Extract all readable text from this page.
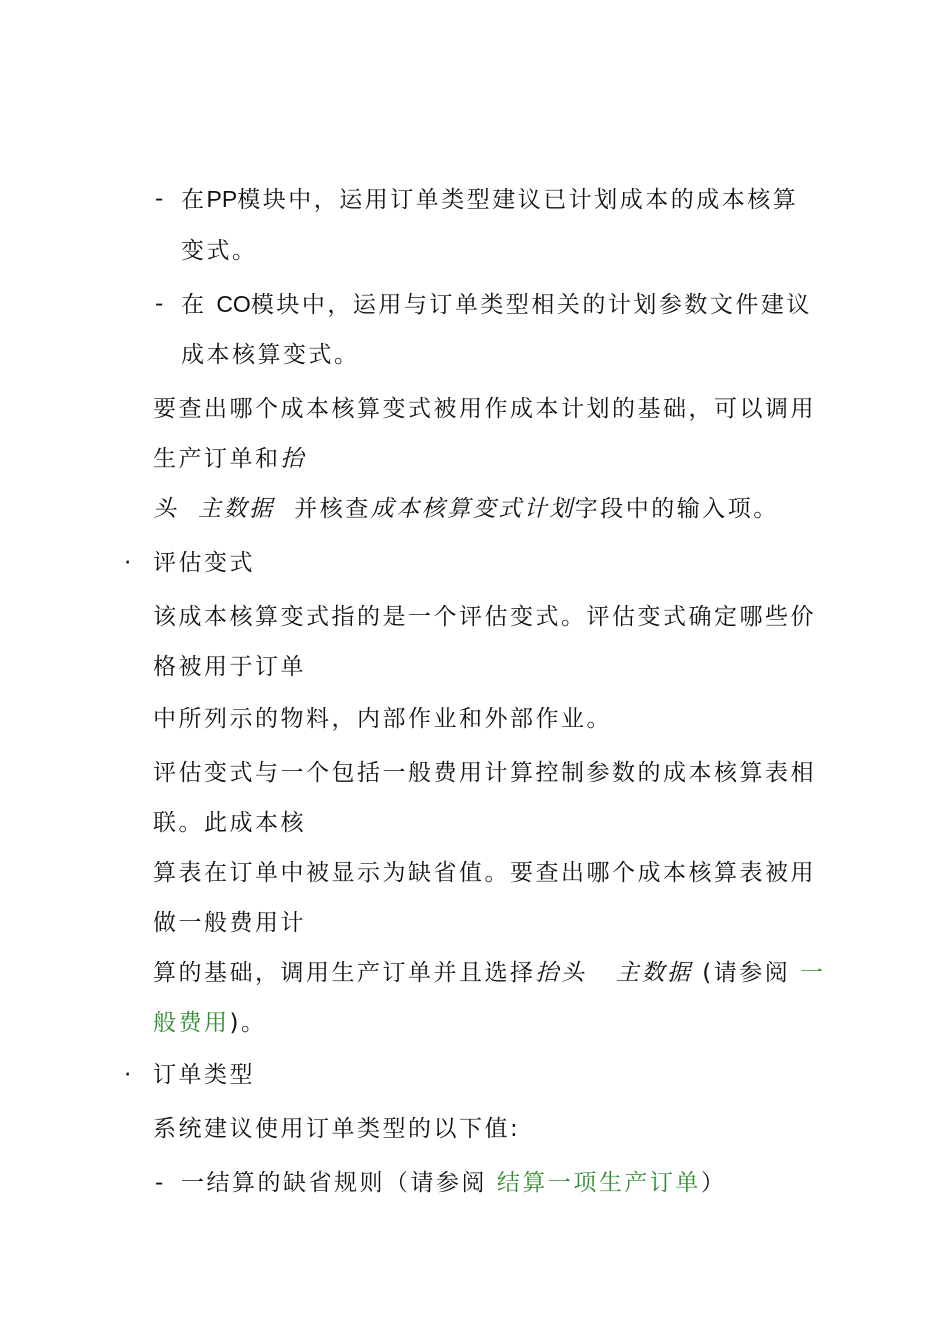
- 在PP模块中，运用订单类型建议已计划成本的成本核算
变式。
- 在 CO模块中，运用与订单类型相关的计划参数文件建议
成本核算变式。
要查出哪个成本核算变式被用作成本计划的基础，可以调用
生产订单和抬
头 主数据 并核查成本核算变式计划字段中的输入项。
· 评估变式
该成本核算变式指的是一个评估变式。评估变式确定哪些价
格被用于订单
中所列示的物料，内部作业和外部作业。
评估变式与一个包括一般费用计算控制参数的成本核算表相
联。此成本核
算表在订单中被显示为缺省值。要查出哪个成本核算表被用
做一般费用计
算的基础，调用生产订单并且选择抬头 主数据 (请参阅 一
般费用)。
· 订单类型
系统建议使用订单类型的以下值:
- 一结算的缺省规则（请参阅 结算一项生产订单）
